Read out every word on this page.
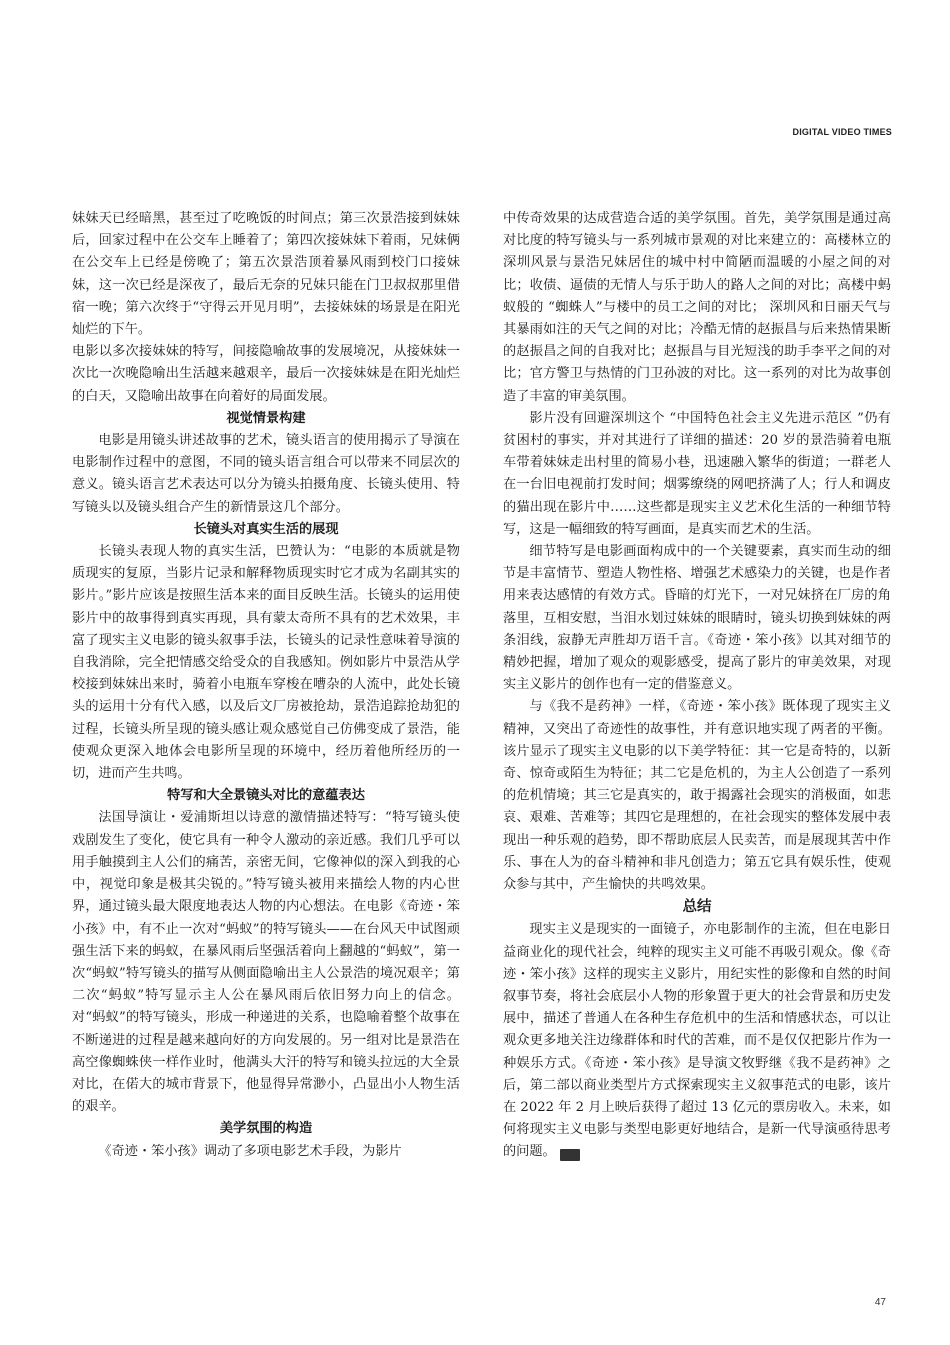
DIGITAL VIDEO TIMES

妹妹天已经暗黑，甚至过了吃晚饭的时间点；第三次景浩接到妹妹后，回家过程中在公交车上睡着了；第四次接妹妹下着雨，兄妹俩在公交车上已经是傍晚了；第五次景浩顶着暴风雨到校门口接妹妹，这一次已经是深夜了，最后无奈的兄妹只能在门卫叔叔那里借宿一晚；第六次终于“守得云开见月明”，去接妹妹的场景是在阳光灿烂的下午。

电影以多次接妹妹的特写，间接隐喻故事的发展境况，从接妹妹一次比一次晚隐喻出生活越来越艰辛，最后一次接妹妹是在阳光灿烂的白天，又隐喻出故事在向着好的局面发展。

视觉情景构建

电影是用镜头讲述故事的艺术，镜头语言的使用揭示了导演在电影制作过程中的意图，不同的镜头语言组合可以带来不同层次的意义。镜头语言艺术表达可以分为镜头拍摄角度、长镜头使用、特写镜头以及镜头组合产生的新情景这几个部分。

长镜头对真实生活的展现

长镜头表现人物的真实生活，巴赞认为：“电影的本质就是物质现实的复原，当影片记录和解释物质现实时它才成为名副其实的影片。”影片应该是按照生活本来的面目反映生活。长镜头的运用使影片中的故事得到真实再现，具有蒙太奇所不具有的艺术效果，丰富了现实主义电影的镜头叙事手法，长镜头的记录性意味着导演的自我消除，完全把情感交给受众的自我感知。例如影片中景浩从学校接到妹妹出来时，骑着小电瓶车穿梭在嘈杂的人流中，此处长镜头的运用十分有代入感，以及后文厂房被抢劫，景浩追踪抢劫犯的过程，长镜头所呈现的镜头感让观众感觉自己仿佛变成了景浩，能使观众更深入地体会电影所呈现的环境中，经历着他所经历的一切，进而产生共鸣。

特写和大全景镜头对比的意蕴表达

法国导演让・爱浦斯坦以诗意的激情描述特写：“特写镜头使戏剧发生了变化，使它具有一种令人激动的亲近感。我们几乎可以用手触摸到主人公们的痛苦，亲密无间，它像神似的深入到我的心中，视觉印象是极其尖锐的。”特写镜头被用来描绘人物的内心世界，通过镜头最大限度地表达人物的内心想法。在电影《奇迹・笨小孩》中，有不止一次对“蚂蚁”的特写镜头——在台风天中试图顽强生活下来的蚂蚁，在暴风雨后坚强活着向上翻越的“蚂蚁”，第一次“蚂蚁”特写镜头的描写从侧面隐喻出主人公景浩的境况艰辛；第二次“蚂蚁”特写显示主人公在暴风雨后依旧努力向上的信念。对“蚂蚁”的特写镜头，形成一种递进的关系，也隐喻着整个故事在不断递进的过程是越来越向好的方向发展的。另一组对比是景浩在高空像蜘蛛侠一样作业时，他满头大汗的特写和镜头拉远的大全景对比，在偌大的城市背景下，他显得异常渺小，凸显出小人物生活的艰辛。

美学氛围的构造

《奇迹・笨小孩》调动了多项电影艺术手段，为影片

中传奇效果的达成营造合适的美学氛围。首先，美学氛围是通过高对比度的特写镜头与一系列城市景观的对比来建立的：高楼林立的深圳风景与景浩兄妹居住的城中村中简陋而温暖的小屋之间的对比；收债、逼债的无情人与乐于助人的路人之间的对比；高楼中蚂蚁般的 “蜘蛛人”与楼中的员工之间的对比； 深圳风和日丽天气与其暴雨如注的天气之间的对比；冷酷无情的赵振昌与后来热情果断的赵振昌之间的自我对比；赵振昌与目光短浅的助手李平之间的对比；官方警卫与热情的门卫孙波的对比。这一系列的对比为故事创造了丰富的审美氛围。

影片没有回避深圳这个 “中国特色社会主义先进示范区 ”仍有贫困村的事实，并对其进行了详细的描述：20 岁的景浩骑着电瓶车带着妹妹走出村里的简易小巷，迅速融入繁华的街道；一群老人在一台旧电视前打发时间；烟雾缭绕的网吧挤满了人；行人和调皮的猫出现在影片中……这些都是现实主义艺术化生活的一种细节特写，这是一幅细致的特写画面，是真实而艺术的生活。

细节特写是电影画面构成中的一个关键要素，真实而生动的细节是丰富情节、塑造人物性格、增强艺术感染力的关键，也是作者用来表达感情的有效方式。昏暗的灯光下，一对兄妹挤在厂房的角落里，互相安慰，当泪水划过妹妹的眼睛时，镜头切换到妹妹的两条泪线，寂静无声胜却万语千言。《奇迹・笨小孩》以其对细节的精妙把握，增加了观众的观影感受，提高了影片的审美效果，对现实主义影片的创作也有一定的借鉴意义。

与《我不是药神》一样，《奇迹・笨小孩》既体现了现实主义精神，又突出了奇迹性的故事性，并有意识地实现了两者的平衡。该片显示了现实主义电影的以下美学特征：其一它是奇特的，以新奇、惊奇或陌生为特征；其二它是危机的，为主人公创造了一系列的危机情境；其三它是真实的，敢于揭露社会现实的消极面，如悲哀、艰难、苦难等；其四它是理想的，在社会现实的整体发展中表现出一种乐观的趋势，即不帮助底层人民卖苦，而是展现其苦中作乐、事在人为的奋斗精神和非凡创造力；第五它具有娱乐性，使观众参与其中，产生愉快的共鸣效果。

总结

现实主义是现实的一面镜子，亦电影制作的主流，但在电影日益商业化的现代社会，纯粹的现实主义可能不再吸引观众。像《奇迹・笨小孩》这样的现实主义影片，用纪实性的影像和自然的时间叙事节奏，将社会底层小人物的形象置于更大的社会背景和历史发展中，描述了普通人在各种生存危机中的生活和情感状态，可以让观众更多地关注边缘群体和时代的苦难，而不是仅仅把影片作为一种娱乐方式。《奇迹・笨小孩》是导演文牧野继《我不是药神》之后，第二部以商业类型片方式探索现实主义叙事范式的电影，该片在 2022 年 2 月上映后获得了超过 13 亿元的票房收入。未来，如何将现实主义电影与类型电影更好地结合，是新一代导演亟待思考的问题。	DV

47
